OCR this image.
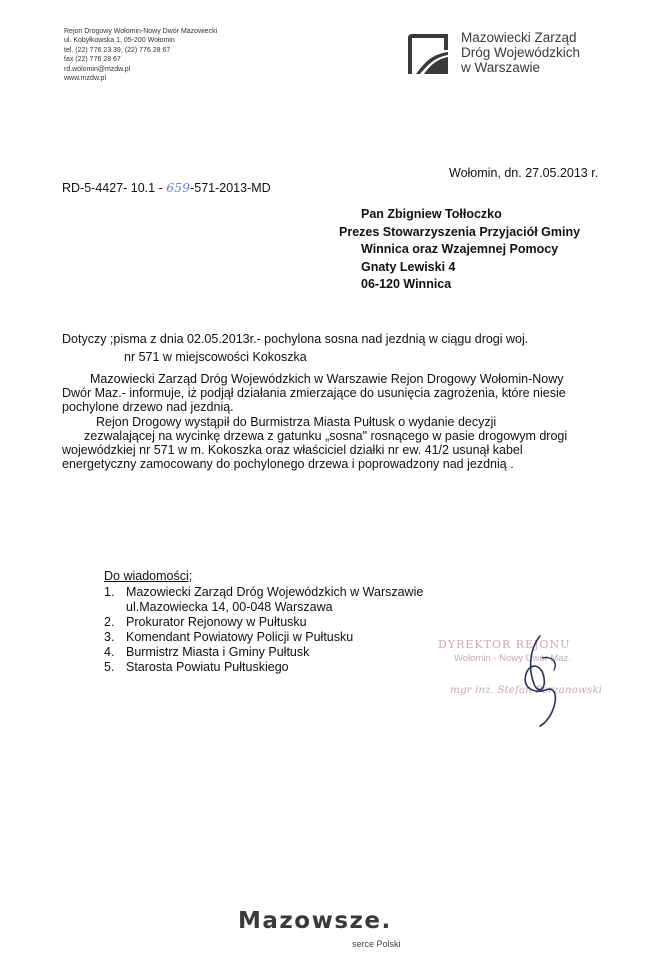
Rejon Drogowy Wołomin-Nowy Dwór Mazowiecki
ul. Kobyłkowska 1, 05-200 Wołomin
tel. (22) 776 23 39, (22) 776 28 67
fax (22) 776 28 67
rd.wolomin@mzdw.pl
www.mzdw.pl
Mazowiecki Zarząd
Dróg Wojewódzkich
w Warszawie
Wołomin, dn. 27.05.2013 r.
RD-5-4427- 10.1 - 659-571-2013-MD
Pan Zbigniew Tołłoczko
Prezes Stowarzyszenia Przyjaciół Gminy
Winnica oraz Wzajemnej Pomocy
Gnaty Lewiski 4
06-120 Winnica
Dotyczy ;pisma z dnia 02.05.2013r.- pochylona sosna nad jezdnią w ciągu drogi woj.
nr 571 w miejscowości Kokoszka
Mazowiecki Zarząd Dróg Wojewódzkich w Warszawie Rejon Drogowy Wołomin-Nowy
Dwór Maz.- informuje, iż podjął działania zmierzające do usunięcia zagrożenia, które niesie
pochylone drzewo nad jezdnią.
Rejon Drogowy wystąpił do Burmistrza Miasta Pułtusk o wydanie decyzji
zezwalającej na wycinkę drzewa z gatunku „sosna" rosnącego w pasie drogowym drogi
wojewódzkiej nr 571 w m. Kokoszka oraz właściciel działki nr ew. 41/2 usunął kabel
energetyczny zamocowany do pochylonego drzewa i poprowadzony nad jezdnią .
Do wiadomości;
1. Mazowiecki Zarząd Dróg Wojewódzkich w Warszawie
ul.Mazowiecka 14, 00-048 Warszawa
2. Prokurator Rejonowy w Pułtusku
3. Komendant Powiatowy Policji w Pułtusku
4. Burmistrz Miasta i Gminy Pułtusk
5. Starosta Powiatu Pułtuskiego
DYREKTOR REJONU
Wołomin - Nowy Dwór Maz.
mgr inż. Stefan Perzanowski
Mazowsze.
serce Polski
